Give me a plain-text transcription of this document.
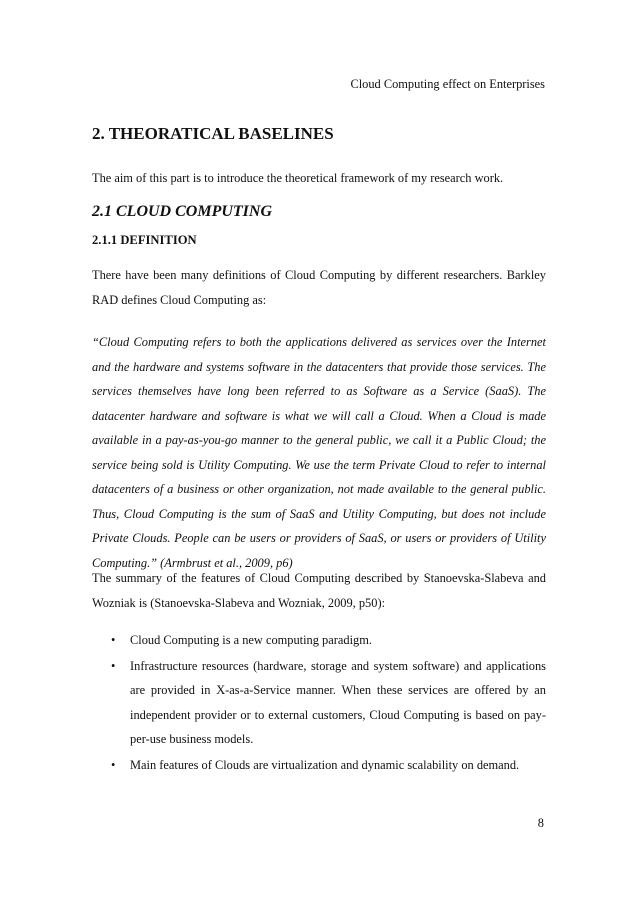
Cloud Computing effect on Enterprises
2. THEORATICAL BASELINES

The aim of this part is to introduce the theoretical framework of my research work.

2.1 CLOUD COMPUTING
2.1.1 DEFINITION

There have been many definitions of Cloud Computing by different researchers. Barkley RAD defines Cloud Computing as:

“Cloud Computing refers to both the applications delivered as services over the Internet and the hardware and systems software in the datacenters that provide those services. The services themselves have long been referred to as Software as a Service (SaaS). The datacenter hardware and software is what we will call a Cloud. When a Cloud is made available in a pay-as-you-go manner to the general public, we call it a Public Cloud; the service being sold is Utility Computing. We use the term Private Cloud to refer to internal datacenters of a business or other organization, not made available to the general public. Thus, Cloud Computing is the sum of SaaS and Utility Computing, but does not include Private Clouds. People can be users or providers of SaaS, or users or providers of Utility Computing.” (Armbrust et al., 2009, p6)

The summary of the features of Cloud Computing described by Stanoevska-Slabeva and Wozniak is (Stanoevska-Slabeva and Wozniak, 2009, p50):

• Cloud Computing is a new computing paradigm.
• Infrastructure resources (hardware, storage and system software) and applications are provided in X-as-a-Service manner. When these services are offered by an independent provider or to external customers, Cloud Computing is based on pay-per-use business models.
• Main features of Clouds are virtualization and dynamic scalability on demand.
8
